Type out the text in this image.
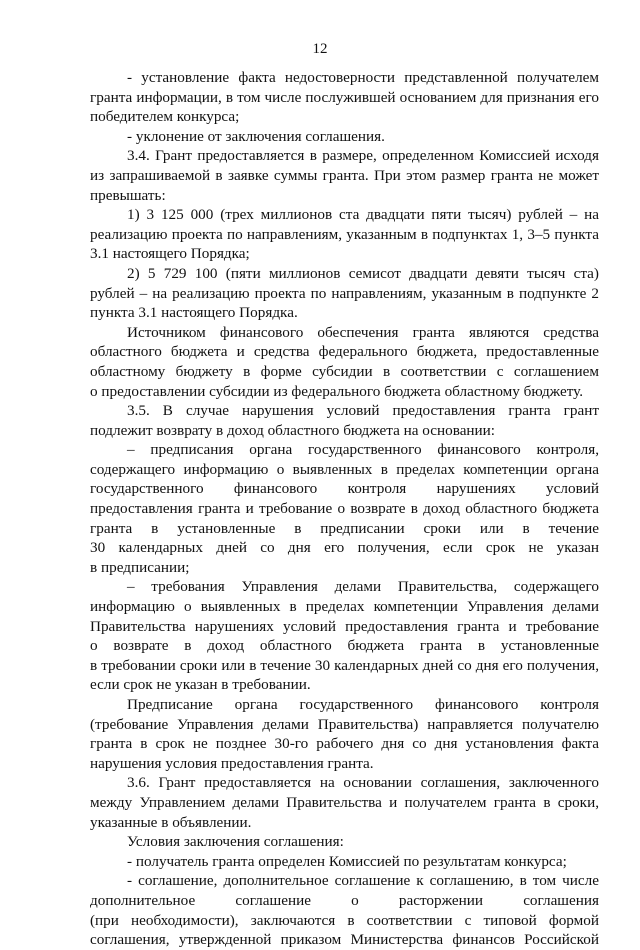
12
- установление факта недостоверности представленной получателем
гранта информации, в том числе послужившей основанием для признания его
победителем конкурса;
- уклонение от заключения соглашения.
3.4. Грант предоставляется в размере, определенном Комиссией исходя
из запрашиваемой в заявке суммы гранта. При этом размер гранта не может
превышать:
1) 3 125 000 (трех миллионов ста двадцати пяти тысяч) рублей – на
реализацию проекта по направлениям, указанным в подпунктах 1, 3–5 пункта
3.1 настоящего Порядка;
2) 5 729 100 (пяти миллионов семисот двадцати девяти тысяч ста)
рублей – на реализацию проекта по направлениям, указанным в подпункте 2
пункта 3.1 настоящего Порядка.
Источником финансового обеспечения гранта являются средства
областного бюджета и средства федерального бюджета, предоставленные
областному бюджету в форме субсидии в соответствии с соглашением
о предоставлении субсидии из федерального бюджета областному бюджету.
3.5. В случае нарушения условий предоставления гранта грант
подлежит возврату в доход областного бюджета на основании:
– предписания органа государственного финансового контроля,
содержащего информацию о выявленных в пределах компетенции органа
государственного финансового контроля нарушениях условий
предоставления гранта и требование о возврате в доход областного бюджета
гранта в установленные в предписании сроки или в течение
30 календарных дней со дня его получения, если срок не указан
в предписании;
– требования Управления делами Правительства, содержащего
информацию о выявленных в пределах компетенции Управления делами
Правительства нарушениях условий предоставления гранта и требование
о возврате в доход областного бюджета гранта в установленные
в требовании сроки или в течение 30 календарных дней со дня его получения,
если срок не указан в требовании.
Предписание органа государственного финансового контроля
(требование Управления делами Правительства) направляется получателю
гранта в срок не позднее 30-го рабочего дня со дня установления факта
нарушения условия предоставления гранта.
3.6. Грант предоставляется на основании соглашения, заключенного
между Управлением делами Правительства и получателем гранта в сроки,
указанные в объявлении.
Условия заключения соглашения:
- получатель гранта определен Комиссией по результатам конкурса;
- соглашение, дополнительное соглашение к соглашению, в том числе
дополнительное соглашение о расторжении соглашения
(при необходимости), заключаются в соответствии с типовой формой
соглашения, утвержденной приказом Министерства финансов Российской
